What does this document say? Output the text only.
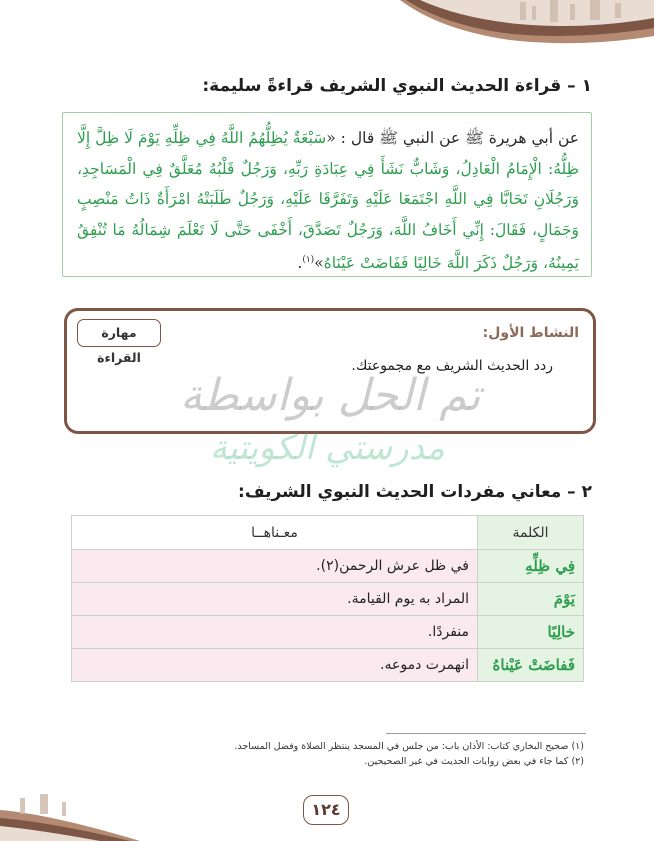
١ – قراءة الحديث النبوي الشريف قراءةً سليمة:
عن أبي هريرة ﷺ عن النبي ﷺ قال : «سَبْعَةٌ يُظِلُّهُمُ اللَّهُ فِي ظِلِّهِ يَوْمَ لَا ظِلَّ إِلَّا ظِلُّهُ: الْإِمَامُ الْعَادِلُ، وَشَابٌّ نَشَأَ فِي عِبَادَةِ رَبِّهِ، وَرَجُلٌ قَلْبُهُ مُعَلَّقٌ فِي الْمَسَاجِدِ، وَرَجُلَانِ تَحَابَّا فِي اللَّهِ اجْتَمَعَا عَلَيْهِ وَتَفَرَّقَا عَلَيْهِ، وَرَجُلٌ طَلَبَتْهُ امْرَأَةٌ ذَاتُ مَنْصِبٍ وَجَمَالٍ، فَقَالَ: إِنِّي أَخَافُ اللَّهَ، وَرَجُلٌ تَصَدَّقَ، أَخْفَى حَتَّى لَا تَعْلَمَ شِمَالُهُ مَا تُنْفِقُ يَمِينُهُ، وَرَجُلٌ ذَكَرَ اللَّهَ خَالِيًا فَفَاضَتْ عَيْنَاهُ»$^{(١)}$.
النشاط الأول:
مهارة القراءة
ردد الحديث الشريف مع مجموعتك.
تم الحل بواسطة
مدرستي الكويتية
٢ – معاني مفردات الحديث النبوي الشريف:
الكلمة	معـناهــا
فِي ظِلِّهِ	في ظل عرش الرحمن(٢).
يَوْمَ	المراد به يوم القيامة.
خالِيًا	منفردًا.
فَفاضَتْ عَيْناهُ	انهمرت دموعه.
(١) صحيح البخاري كتاب: الأذان باب: من جلس في المسجد ينتظر الصلاة وفضل المساجد.
(٢) كما جاء في بعض روايات الحديث في غير الصحيحين.
١٢٤
